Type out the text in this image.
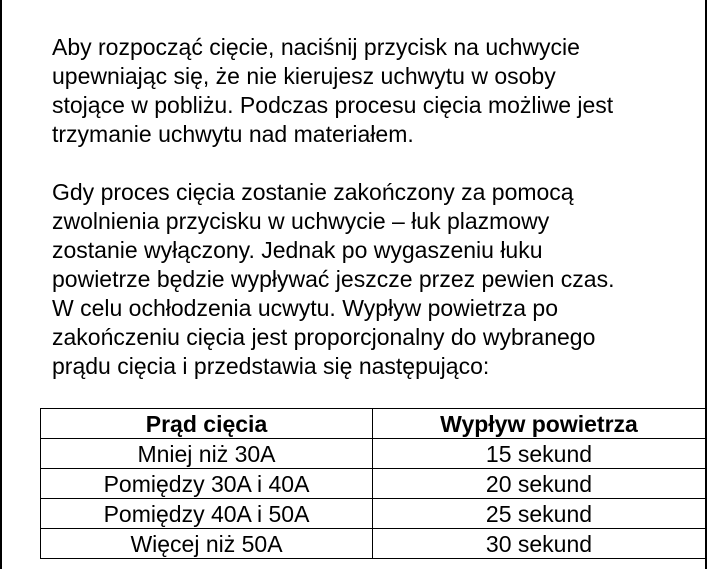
Aby rozpocząć cięcie, naciśnij przycisk na uchwycie
upewniając się, że nie kierujesz uchwytu w osoby
stojące w pobliżu. Podczas procesu cięcia możliwe jest
trzymanie uchwytu nad materiałem.

Gdy proces cięcia zostanie zakończony za pomocą
zwolnienia przycisku w uchwycie – łuk plazmowy
zostanie wyłączony. Jednak po wygaszeniu łuku
powietrze będzie wypływać jeszcze przez pewien czas.
W celu ochłodzenia ucwytu. Wypływ powietrza po
zakończeniu cięcia jest proporcjonalny do wybranego
prądu cięcia i przedstawia się następująco:

Prąd cięcia	Wypływ powietrza
Mniej niż 30A	15 sekund
Pomiędzy 30A i 40A	20 sekund
Pomiędzy 40A i 50A	25 sekund
Więcej niż 50A	30 sekund
